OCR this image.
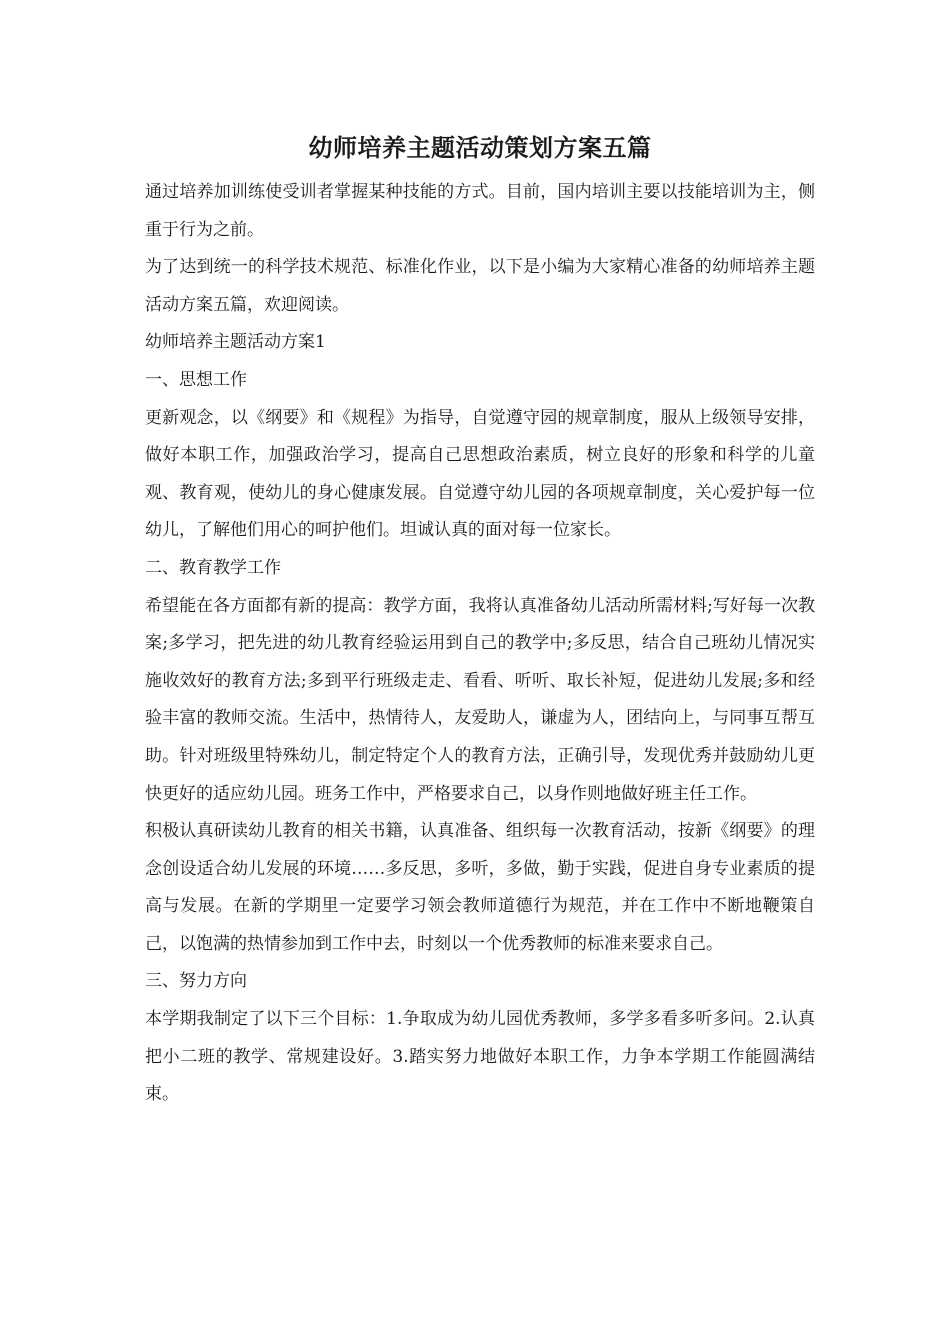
幼师培养主题活动策划方案五篇

通过培养加训练使受训者掌握某种技能的方式。目前，国内培训主要以技能培训为主，侧重于行为之前。

为了达到统一的科学技术规范、标准化作业，以下是小编为大家精心准备的幼师培养主题活动方案五篇，欢迎阅读。

幼师培养主题活动方案1

一、思想工作

更新观念，以《纲要》和《规程》为指导，自觉遵守园的规章制度，服从上级领导安排，做好本职工作，加强政治学习，提高自己思想政治素质，树立良好的形象和科学的儿童观、教育观，使幼儿的身心健康发展。自觉遵守幼儿园的各项规章制度，关心爱护每一位幼儿，了解他们用心的呵护他们。坦诚认真的面对每一位家长。

二、教育教学工作

希望能在各方面都有新的提高：教学方面，我将认真准备幼儿活动所需材料;写好每一次教案;多学习，把先进的幼儿教育经验运用到自己的教学中;多反思，结合自己班幼儿情况实施收效好的教育方法;多到平行班级走走、看看、听听、取长补短，促进幼儿发展;多和经验丰富的教师交流。生活中，热情待人，友爱助人，谦虚为人，团结向上，与同事互帮互助。针对班级里特殊幼儿，制定特定个人的教育方法，正确引导，发现优秀并鼓励幼儿更快更好的适应幼儿园。班务工作中，严格要求自己，以身作则地做好班主任工作。

积极认真研读幼儿教育的相关书籍，认真准备、组织每一次教育活动，按新《纲要》的理念创设适合幼儿发展的环境……多反思，多听，多做，勤于实践，促进自身专业素质的提高与发展。在新的学期里一定要学习领会教师道德行为规范，并在工作中不断地鞭策自己，以饱满的热情参加到工作中去，时刻以一个优秀教师的标准来要求自己。

三、努力方向

本学期我制定了以下三个目标：1.争取成为幼儿园优秀教师，多学多看多听多问。2.认真把小二班的教学、常规建设好。3.踏实努力地做好本职工作，力争本学期工作能圆满结束。
